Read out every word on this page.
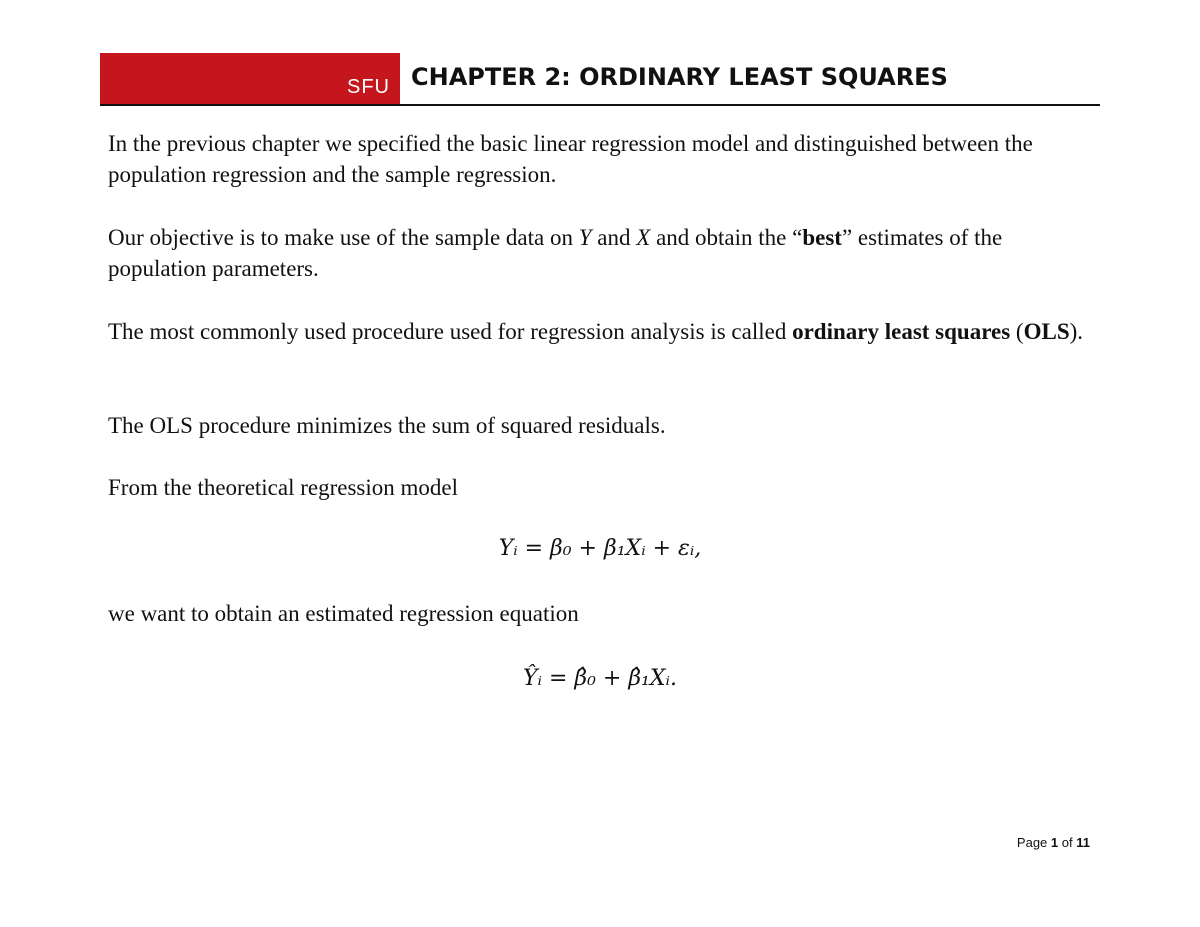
SFU CHAPTER 2: ORDINARY LEAST SQUARES
In the previous chapter we specified the basic linear regression model and distinguished between the population regression and the sample regression.
Our objective is to make use of the sample data on Y and X and obtain the “best” estimates of the population parameters.
The most commonly used procedure used for regression analysis is called ordinary least squares (OLS).
The OLS procedure minimizes the sum of squared residuals.
From the theoretical regression model
Yᵢ = β₀ + β₁Xᵢ + εᵢ,
we want to obtain an estimated regression equation
Ŷᵢ = β̂₀ + β̂₁Xᵢ.
Page 1 of 11
